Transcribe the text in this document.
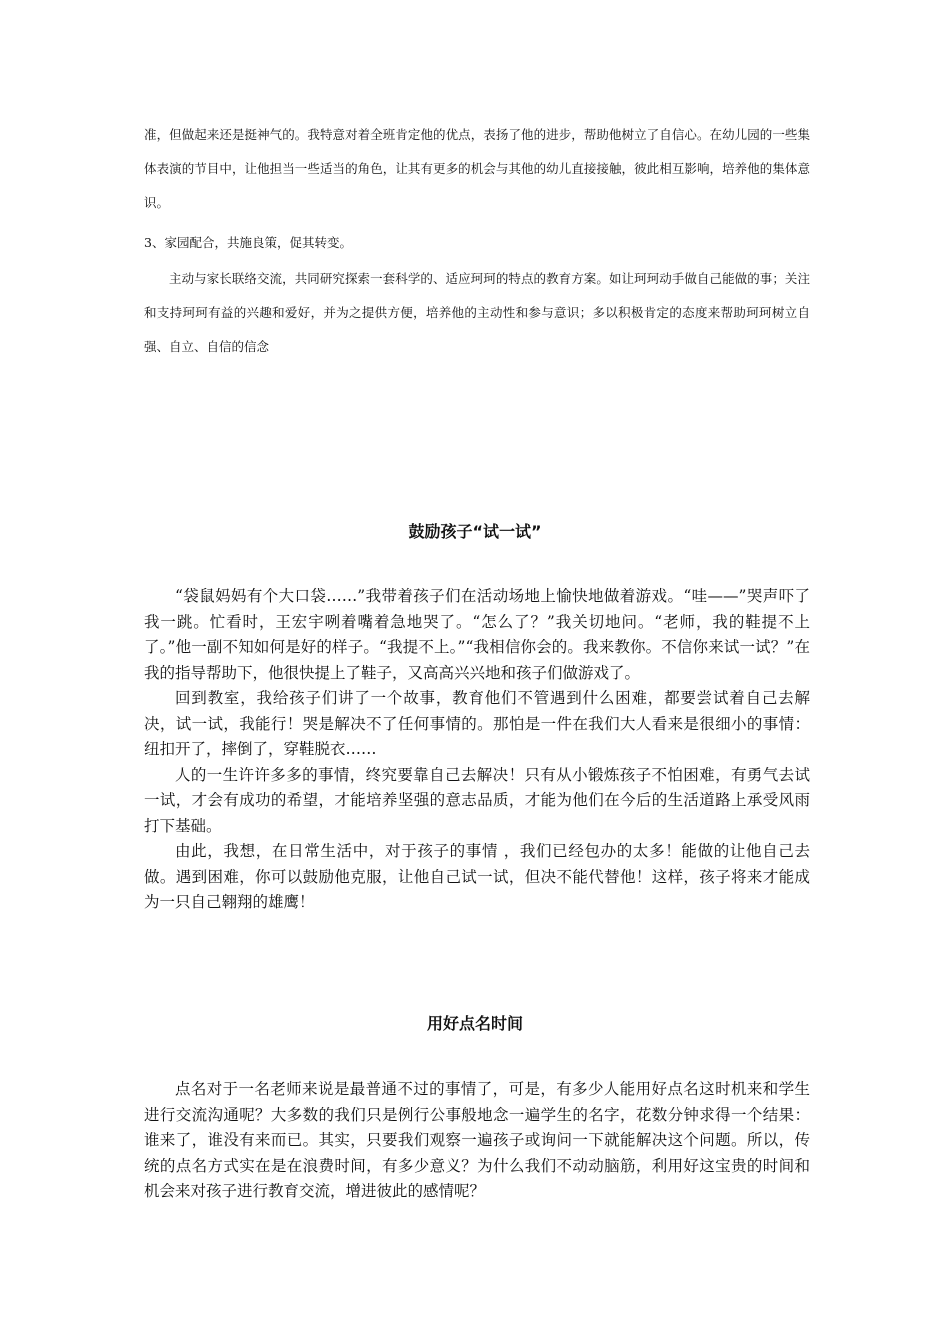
准，但做起来还是挺神气的。我特意对着全班肯定他的优点，表扬了他的进步，帮助他树立了自信心。在幼儿园的一些集体表演的节目中，让他担当一些适当的角色，让其有更多的机会与其他的幼儿直接接触，彼此相互影响，培养他的集体意识。

3、家园配合，共施良策，促其转变。

主动与家长联络交流，共同研究探索一套科学的、适应珂珂的特点的教育方案。如让珂珂动手做自己能做的事；关注和支持珂珂有益的兴趣和爱好，并为之提供方便，培养他的主动性和参与意识；多以积极肯定的态度来帮助珂珂树立自强、自立、自信的信念

鼓励孩子“试一试”

“袋鼠妈妈有个大口袋……”我带着孩子们在活动场地上愉快地做着游戏。“哇——”哭声吓了我一跳。忙看时，王宏宇咧着嘴着急地哭了。“怎么了？”我关切地问。“老师，我的鞋提不上了。”他一副不知如何是好的样子。“我提不上。”“我相信你会的。我来教你。不信你来试一试？”在我的指导帮助下，他很快提上了鞋子，又高高兴兴地和孩子们做游戏了。

回到教室，我给孩子们讲了一个故事，教育他们不管遇到什么困难，都要尝试着自己去解决，试一试，我能行！哭是解决不了任何事情的。那怕是一件在我们大人看来是很细小的事情：纽扣开了，摔倒了，穿鞋脱衣……

人的一生许许多多的事情，终究要靠自己去解决！只有从小锻炼孩子不怕困难，有勇气去试一试，才会有成功的希望，才能培养坚强的意志品质，才能为他们在今后的生活道路上承受风雨打下基础。

由此，我想，在日常生活中，对于孩子的事情 ，我们已经包办的太多！能做的让他自己去做。遇到困难，你可以鼓励他克服，让他自己试一试，但决不能代替他！这样，孩子将来才能成为一只自己翱翔的雄鹰！

用好点名时间

点名对于一名老师来说是最普通不过的事情了，可是，有多少人能用好点名这时机来和学生进行交流沟通呢？大多数的我们只是例行公事般地念一遍学生的名字，花数分钟求得一个结果：谁来了，谁没有来而已。其实，只要我们观察一遍孩子或询问一下就能解决这个问题。所以，传统的点名方式实在是在浪费时间，有多少意义？为什么我们不动动脑筋，利用好这宝贵的时间和机会来对孩子进行教育交流，增进彼此的感情呢？
